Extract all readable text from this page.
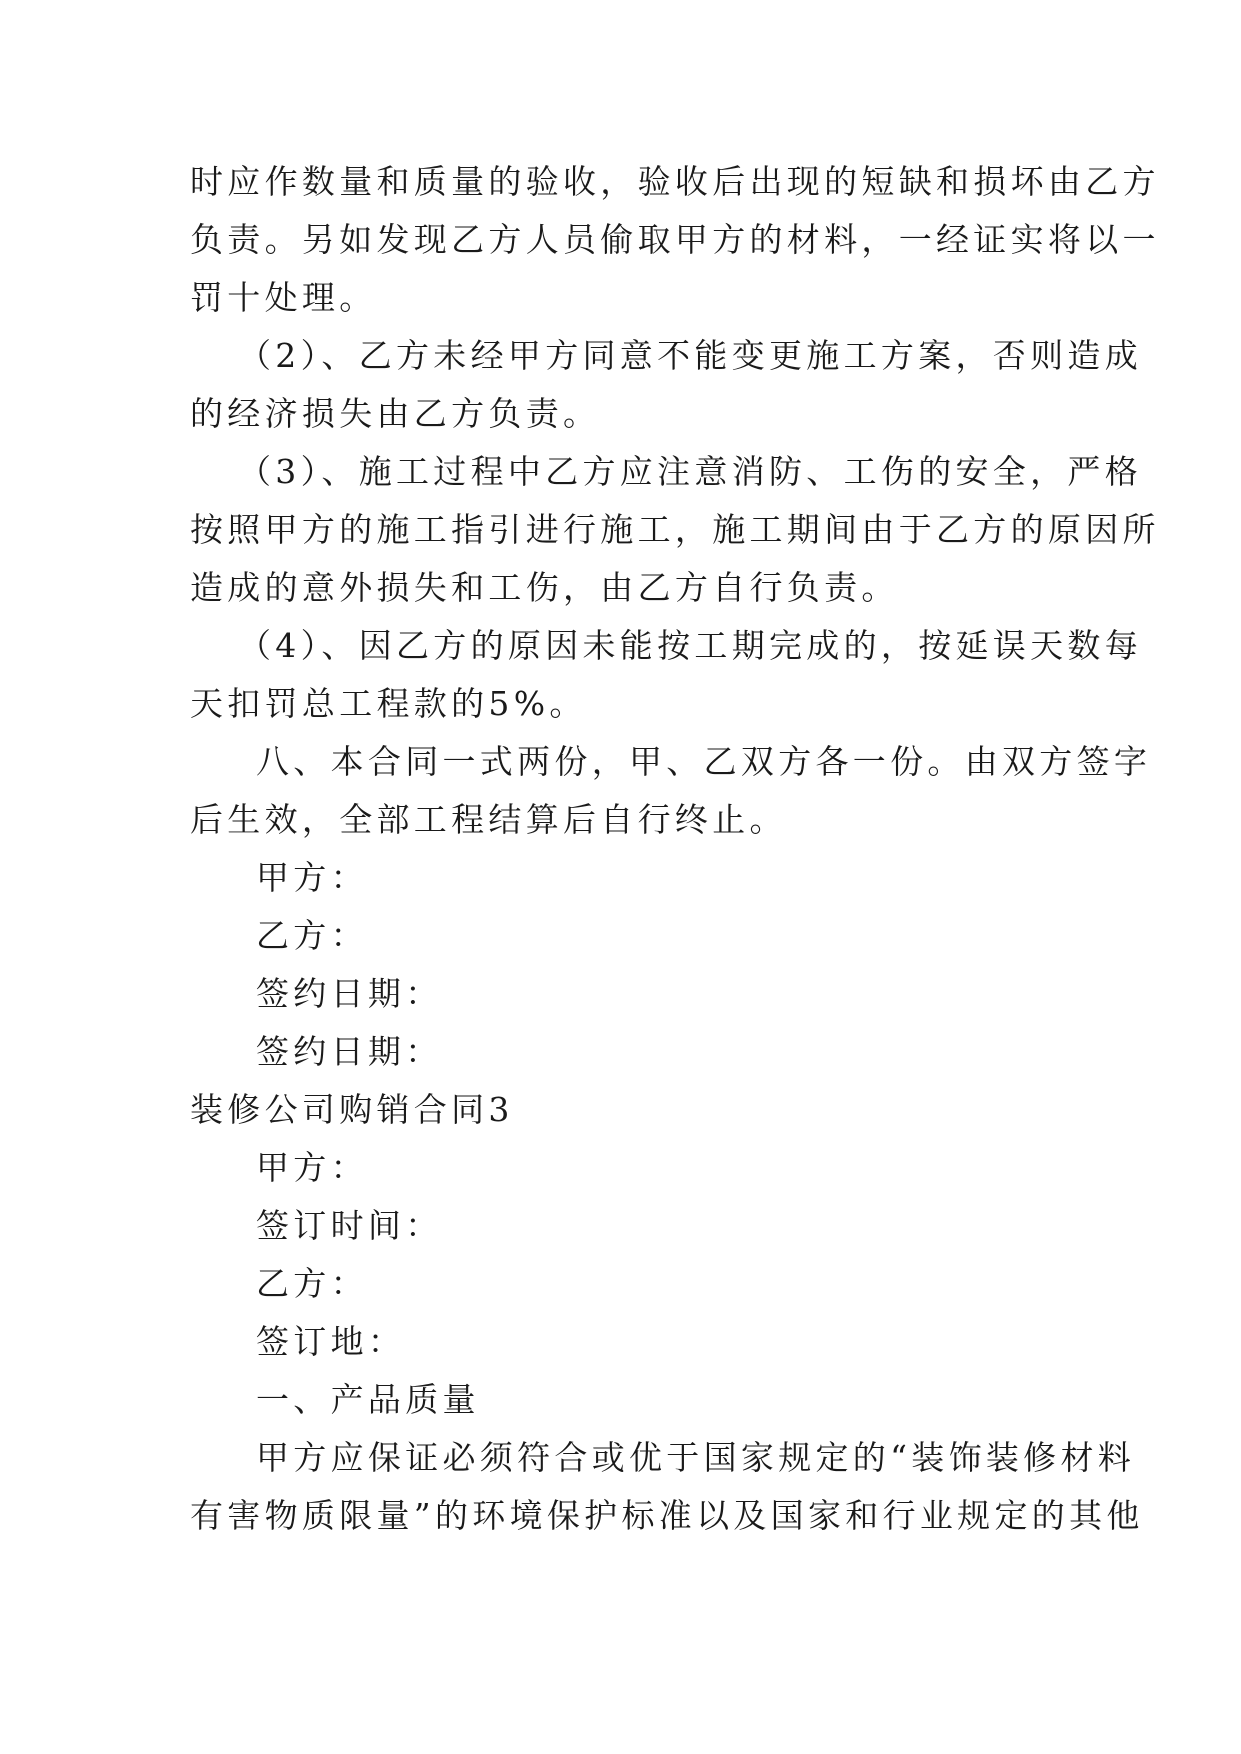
时应作数量和质量的验收，验收后出现的短缺和损坏由乙方
负责。另如发现乙方人员偷取甲方的材料，一经证实将以一
罚十处理。
（2）、乙方未经甲方同意不能变更施工方案，否则造成
的经济损失由乙方负责。
（3）、施工过程中乙方应注意消防、工伤的安全，严格
按照甲方的施工指引进行施工，施工期间由于乙方的原因所
造成的意外损失和工伤，由乙方自行负责。
（4）、因乙方的原因未能按工期完成的，按延误天数每
天扣罚总工程款的5%。
八、本合同一式两份，甲、乙双方各一份。由双方签字
后生效，全部工程结算后自行终止。
甲方：
乙方：
签约日期：
签约日期：
装修公司购销合同3
甲方：
签订时间：
乙方：
签订地：
一、产品质量
甲方应保证必须符合或优于国家规定的“装饰装修材料
有害物质限量”的环境保护标准以及国家和行业规定的其他
